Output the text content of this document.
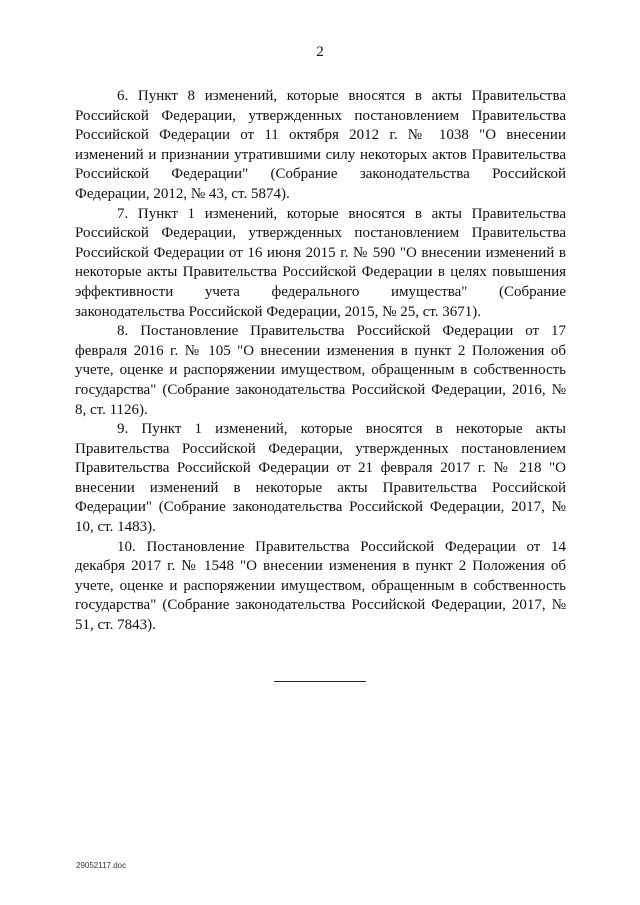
2

6. Пункт 8 изменений, которые вносятся в акты Правительства Российской Федерации, утвержденных постановлением Правительства Российской Федерации от 11 октября 2012 г. № 1038 "О внесении изменений и признании утратившими силу некоторых актов Правительства Российской Федерации" (Собрание законодательства Российской Федерации, 2012, № 43, ст. 5874).

7. Пункт 1 изменений, которые вносятся в акты Правительства Российской Федерации, утвержденных постановлением Правительства Российской Федерации от 16 июня 2015 г. № 590 "О внесении изменений в некоторые акты Правительства Российской Федерации в целях повышения эффективности учета федерального имущества" (Собрание законодательства Российской Федерации, 2015, № 25, ст. 3671).

8. Постановление Правительства Российской Федерации от 17 февраля 2016 г. № 105 "О внесении изменения в пункт 2 Положения об учете, оценке и распоряжении имуществом, обращенным в собственность государства" (Собрание законодательства Российской Федерации, 2016, № 8, ст. 1126).

9. Пункт 1 изменений, которые вносятся в некоторые акты Правительства Российской Федерации, утвержденных постановлением Правительства Российской Федерации от 21 февраля 2017 г. № 218 "О внесении изменений в некоторые акты Правительства Российской Федерации" (Собрание законодательства Российской Федерации, 2017, № 10, ст. 1483).

10. Постановление Правительства Российской Федерации от 14 декабря 2017 г. № 1548 "О внесении изменения в пункт 2 Положения об учете, оценке и распоряжении имуществом, обращенным в собственность государства" (Собрание законодательства Российской Федерации, 2017, № 51, ст. 7843).

29052117.doc
